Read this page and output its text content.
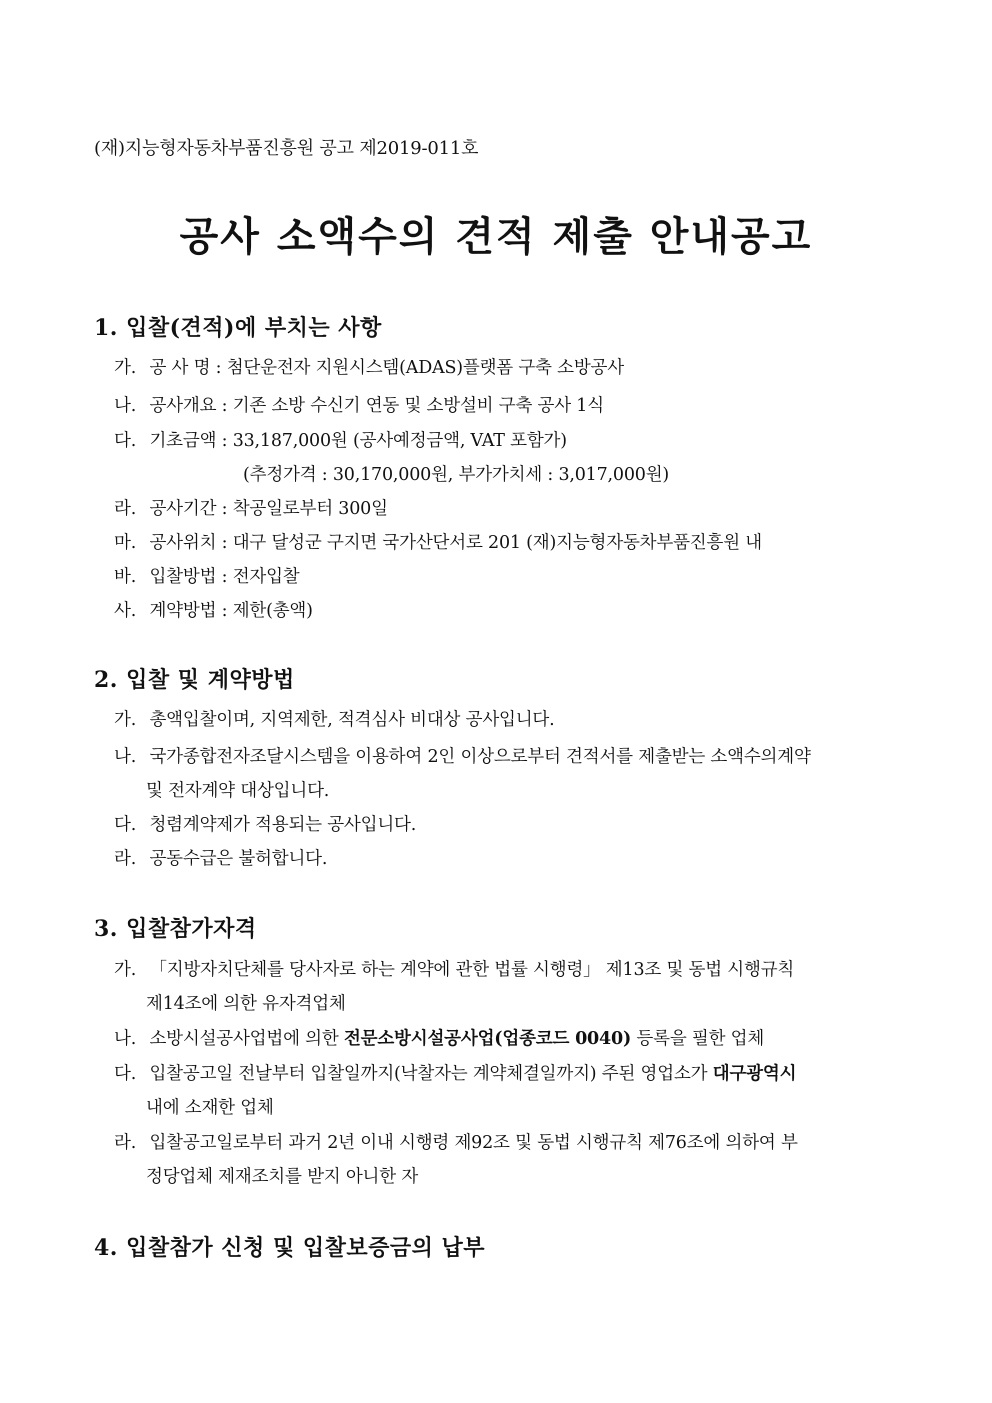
(재)지능형자동차부품진흥원 공고 제2019-011호
공사 소액수의 견적 제출 안내공고
1. 입찰(견적)에 부치는 사항
가. 공 사 명 : 첨단운전자 지원시스템(ADAS)플랫폼 구축 소방공사
나. 공사개요 : 기존 소방 수신기 연동 및 소방설비 구축 공사 1식
다. 기초금액 : 33,187,000원 (공사예정금액, VAT 포함가)
(추정가격 : 30,170,000원, 부가가치세 : 3,017,000원)
라. 공사기간 : 착공일로부터 300일
마. 공사위치 : 대구 달성군 구지면 국가산단서로 201 (재)지능형자동차부품진흥원 내
바. 입찰방법 : 전자입찰
사. 계약방법 : 제한(총액)
2. 입찰 및 계약방법
가. 총액입찰이며, 지역제한, 적격심사 비대상 공사입니다.
나. 국가종합전자조달시스템을 이용하여 2인 이상으로부터 견적서를 제출받는 소액수의계약
및 전자계약 대상입니다.
다. 청렴계약제가 적용되는 공사입니다.
라. 공동수급은 불허합니다.
3. 입찰참가자격
가. 「지방자치단체를 당사자로 하는 계약에 관한 법률 시행령」 제13조 및 동법 시행규칙
제14조에 의한 유자격업체
나. 소방시설공사업법에 의한 전문소방시설공사업(업종코드 0040) 등록을 필한 업체
다. 입찰공고일 전날부터 입찰일까지(낙찰자는 계약체결일까지) 주된 영업소가 대구광역시
내에 소재한 업체
라. 입찰공고일로부터 과거 2년 이내 시행령 제92조 및 동법 시행규칙 제76조에 의하여 부
정당업체 제재조치를 받지 아니한 자
4. 입찰참가 신청 및 입찰보증금의 납부
